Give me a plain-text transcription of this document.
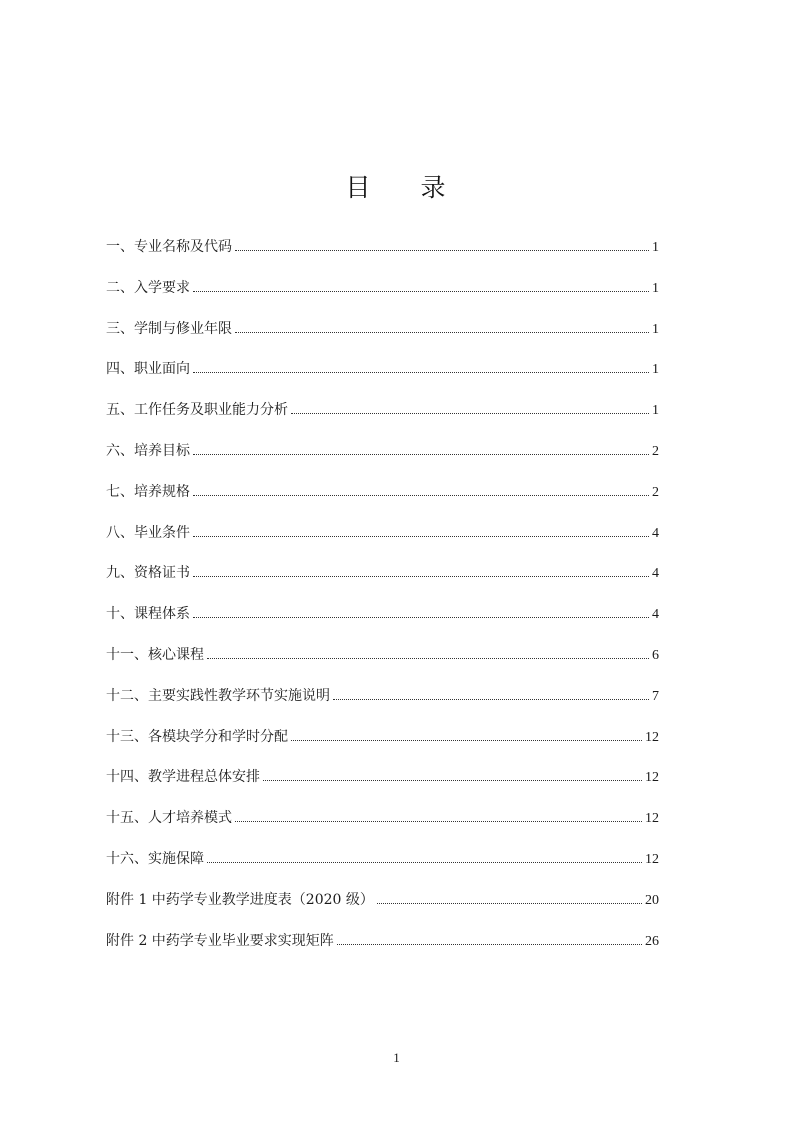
目 录
一、专业名称及代码	1
二、入学要求	1
三、学制与修业年限	1
四、职业面向	1
五、工作任务及职业能力分析	1
六、培养目标	2
七、培养规格	2
八、毕业条件	4
九、资格证书	4
十、课程体系	4
十一、核心课程	6
十二、主要实践性教学环节实施说明	7
十三、各模块学分和学时分配	12
十四、教学进程总体安排	12
十五、人才培养模式	12
十六、实施保障	12
附件 1 中药学专业教学进度表（2020 级）	20
附件 2 中药学专业毕业要求实现矩阵	26
1
